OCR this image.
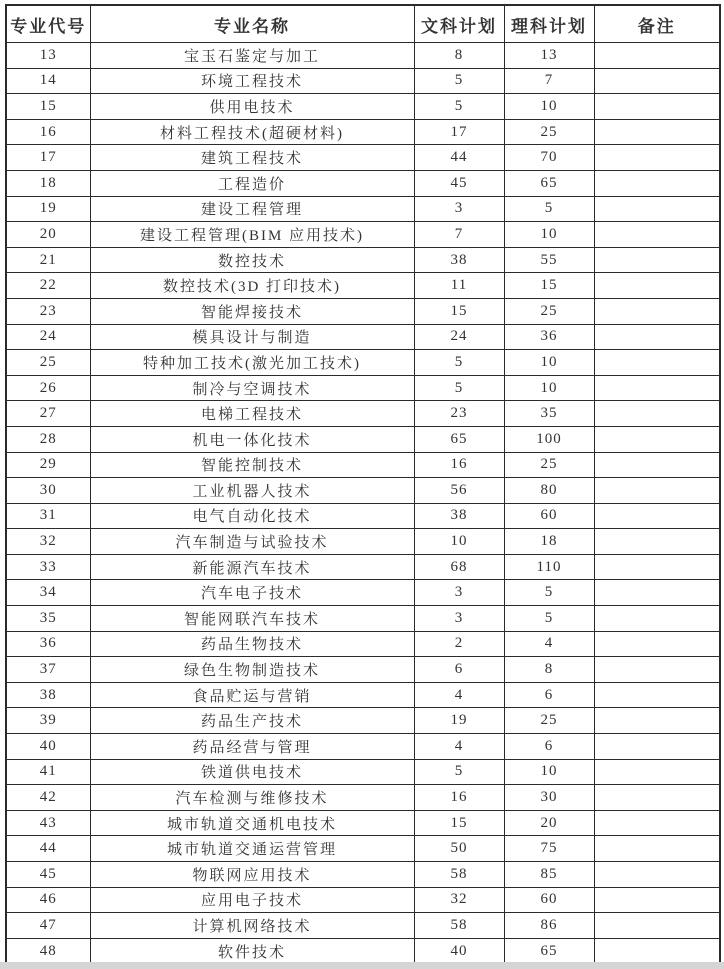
专业代号	专业名称	文科计划	理科计划	备注
13	宝玉石鉴定与加工	8	13	
14	环境工程技术	5	7	
15	供用电技术	5	10	
16	材料工程技术(超硬材料)	17	25	
17	建筑工程技术	44	70	
18	工程造价	45	65	
19	建设工程管理	3	5	
20	建设工程管理(BIM 应用技术)	7	10	
21	数控技术	38	55	
22	数控技术(3D 打印技术)	11	15	
23	智能焊接技术	15	25	
24	模具设计与制造	24	36	
25	特种加工技术(激光加工技术)	5	10	
26	制冷与空调技术	5	10	
27	电梯工程技术	23	35	
28	机电一体化技术	65	100	
29	智能控制技术	16	25	
30	工业机器人技术	56	80	
31	电气自动化技术	38	60	
32	汽车制造与试验技术	10	18	
33	新能源汽车技术	68	110	
34	汽车电子技术	3	5	
35	智能网联汽车技术	3	5	
36	药品生物技术	2	4	
37	绿色生物制造技术	6	8	
38	食品贮运与营销	4	6	
39	药品生产技术	19	25	
40	药品经营与管理	4	6	
41	铁道供电技术	5	10	
42	汽车检测与维修技术	16	30	
43	城市轨道交通机电技术	15	20	
44	城市轨道交通运营管理	50	75	
45	物联网应用技术	58	85	
46	应用电子技术	32	60	
47	计算机网络技术	58	86	
48	软件技术	40	65	
